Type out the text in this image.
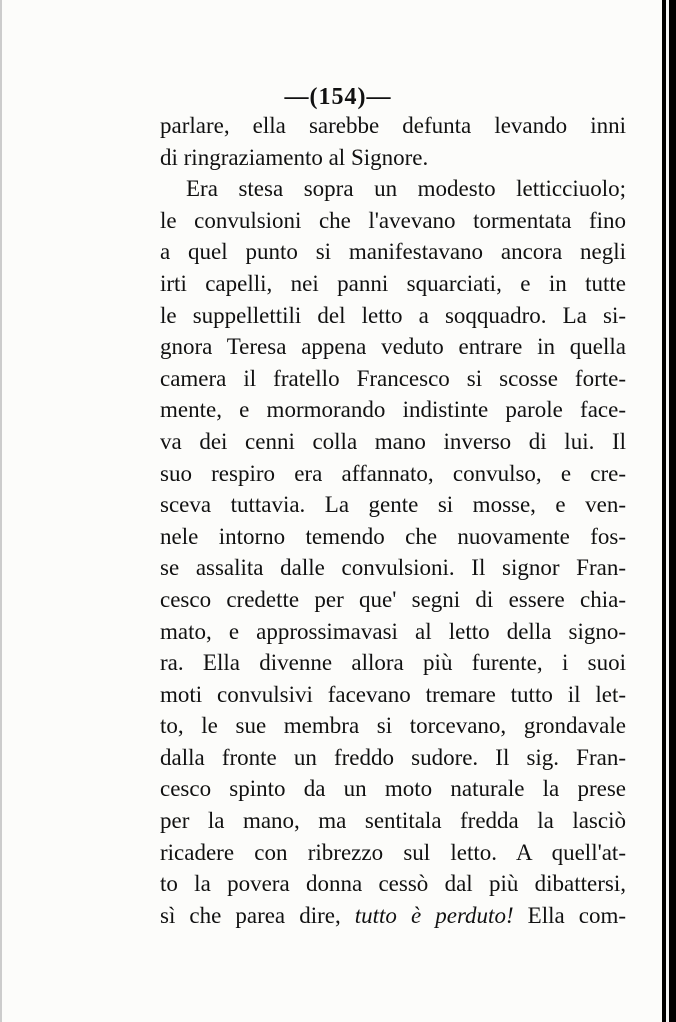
—(154)—
parlare, ella sarebbe defunta levando inni
di ringraziamento al Signore.
Era stesa sopra un modesto letticciuolo;
le convulsioni che l'avevano tormentata fino
a quel punto si manifestavano ancora negli
irti capelli, nei panni squarciati, e in tutte
le suppellettili del letto a soqquadro. La si-
gnora Teresa appena veduto entrare in quella
camera il fratello Francesco si scosse forte-
mente, e mormorando indistinte parole face-
va dei cenni colla mano inverso di lui. Il
suo respiro era affannato, convulso, e cre-
sceva tuttavia. La gente si mosse, e ven-
nele intorno temendo che nuovamente fos-
se assalita dalle convulsioni. Il signor Fran-
cesco credette per que' segni di essere chia-
mato, e approssimavasi al letto della signo-
ra. Ella divenne allora più furente, i suoi
moti convulsivi facevano tremare tutto il let-
to, le sue membra si torcevano, grondavale
dalla fronte un freddo sudore. Il sig. Fran-
cesco spinto da un moto naturale la prese
per la mano, ma sentitala fredda la lasciò
ricadere con ribrezzo sul letto. A quell'at-
to la povera donna cessò dal più dibattersi,
sì che parea dire, tutto è perduto! Ella com-
